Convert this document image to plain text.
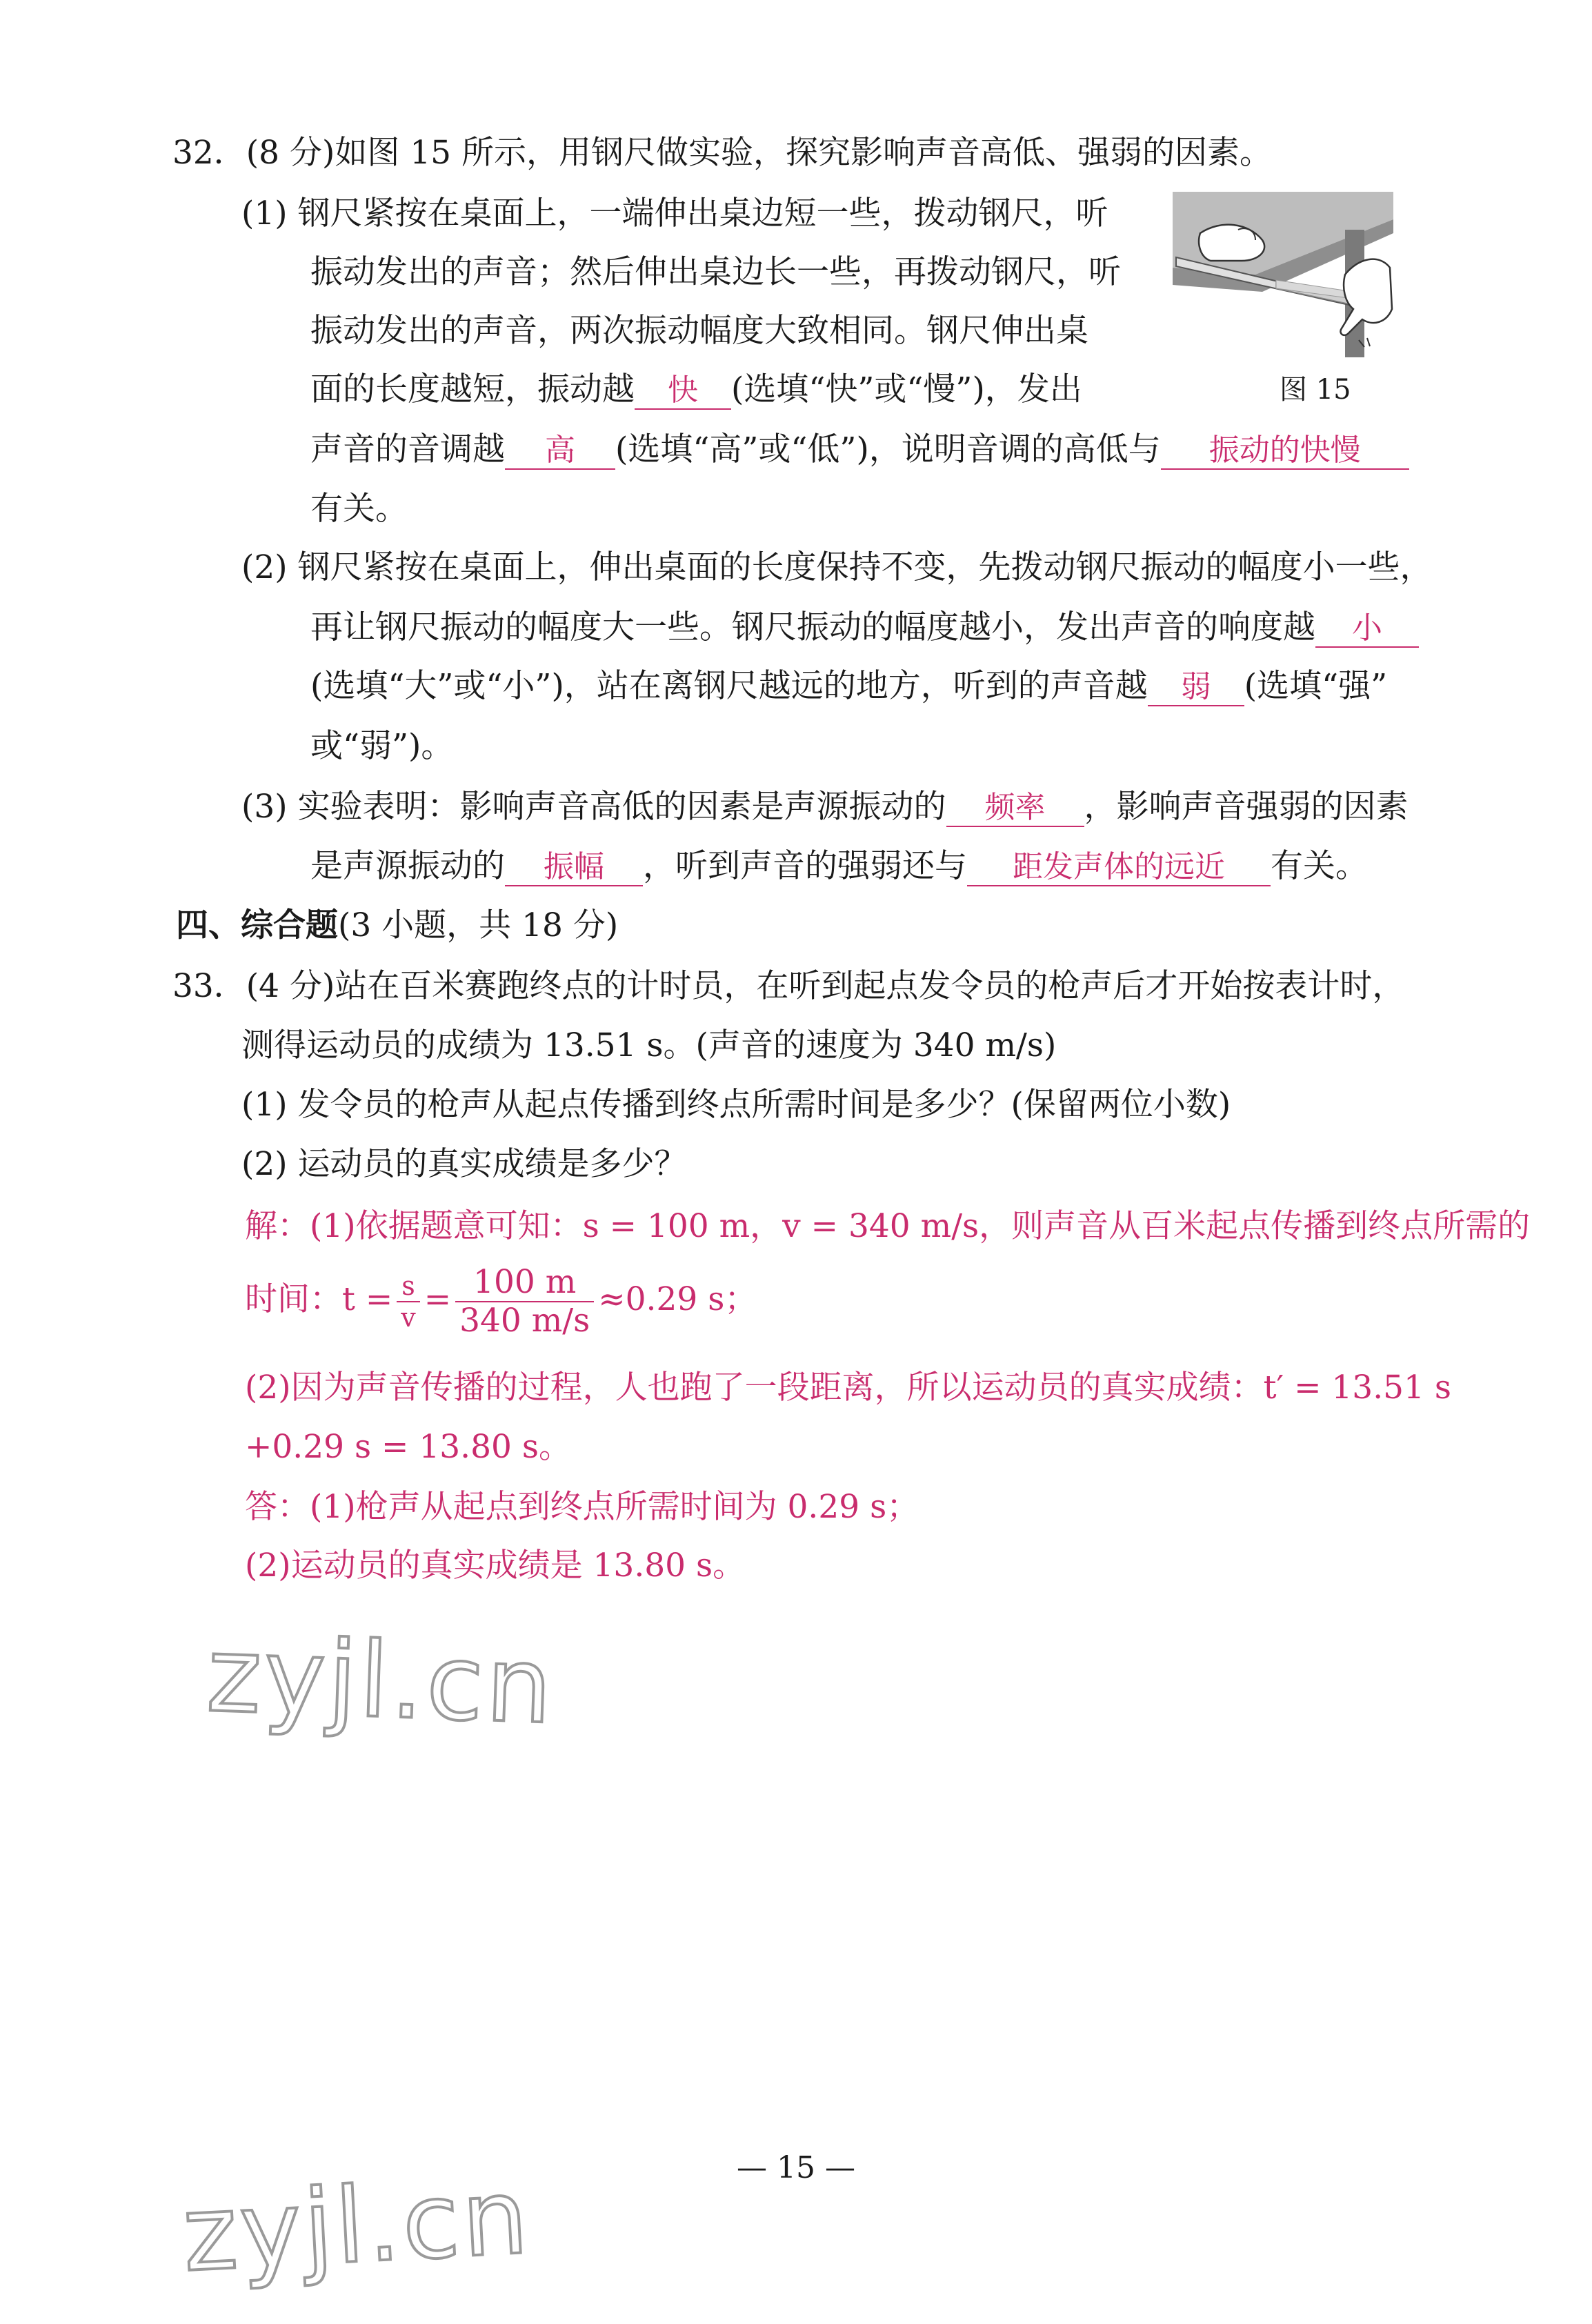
32．(8 分)如图 15 所示，用钢尺做实验，探究影响声音高低、强弱的因素。
(1) 钢尺紧按在桌面上，一端伸出桌边短一些，拨动钢尺，听
振动发出的声音；然后伸出桌边长一些，再拨动钢尺，听
振动发出的声音，两次振动幅度大致相同。钢尺伸出桌
面的长度越短，振动越 快 (选填“快”或“慢”)，发出
声音的音调越 高 (选填“高”或“低”)，说明音调的高低与 振动的快慢
有关。
图 15
(2) 钢尺紧按在桌面上，伸出桌面的长度保持不变，先拨动钢尺振动的幅度小一些，
再让钢尺振动的幅度大一些。钢尺振动的幅度越小，发出声音的响度越 小
(选填“大”或“小”)，站在离钢尺越远的地方，听到的声音越 弱 (选填“强”
或“弱”)。
(3) 实验表明：影响声音高低的因素是声源振动的 频率 ，影响声音强弱的因素
是声源振动的 振幅 ，听到声音的强弱还与 距发声体的远近 有关。
四、综合题(3 小题，共 18 分)
33．(4 分)站在百米赛跑终点的计时员，在听到起点发令员的枪声后才开始按表计时，
测得运动员的成绩为 13.51 s。(声音的速度为 340 m/s)
(1) 发令员的枪声从起点传播到终点所需时间是多少？(保留两位小数)
(2) 运动员的真实成绩是多少？
解：(1)依据题意可知：s = 100 m，v = 340 m/s，则声音从百米起点传播到终点所需的
时间：$t = \frac{s}{v} = \frac{100 m}{340 m/s} \approx 0.29$ s；
(2)因为声音传播的过程，人也跑了一段距离，所以运动员的真实成绩：t′ = 13.51 s
+0.29 s = 13.80 s。
答：(1)枪声从起点到终点所需时间为 0.29 s；
(2)运动员的真实成绩是 13.80 s。
zyjl.cn
zyjl.cn	— 15 —
